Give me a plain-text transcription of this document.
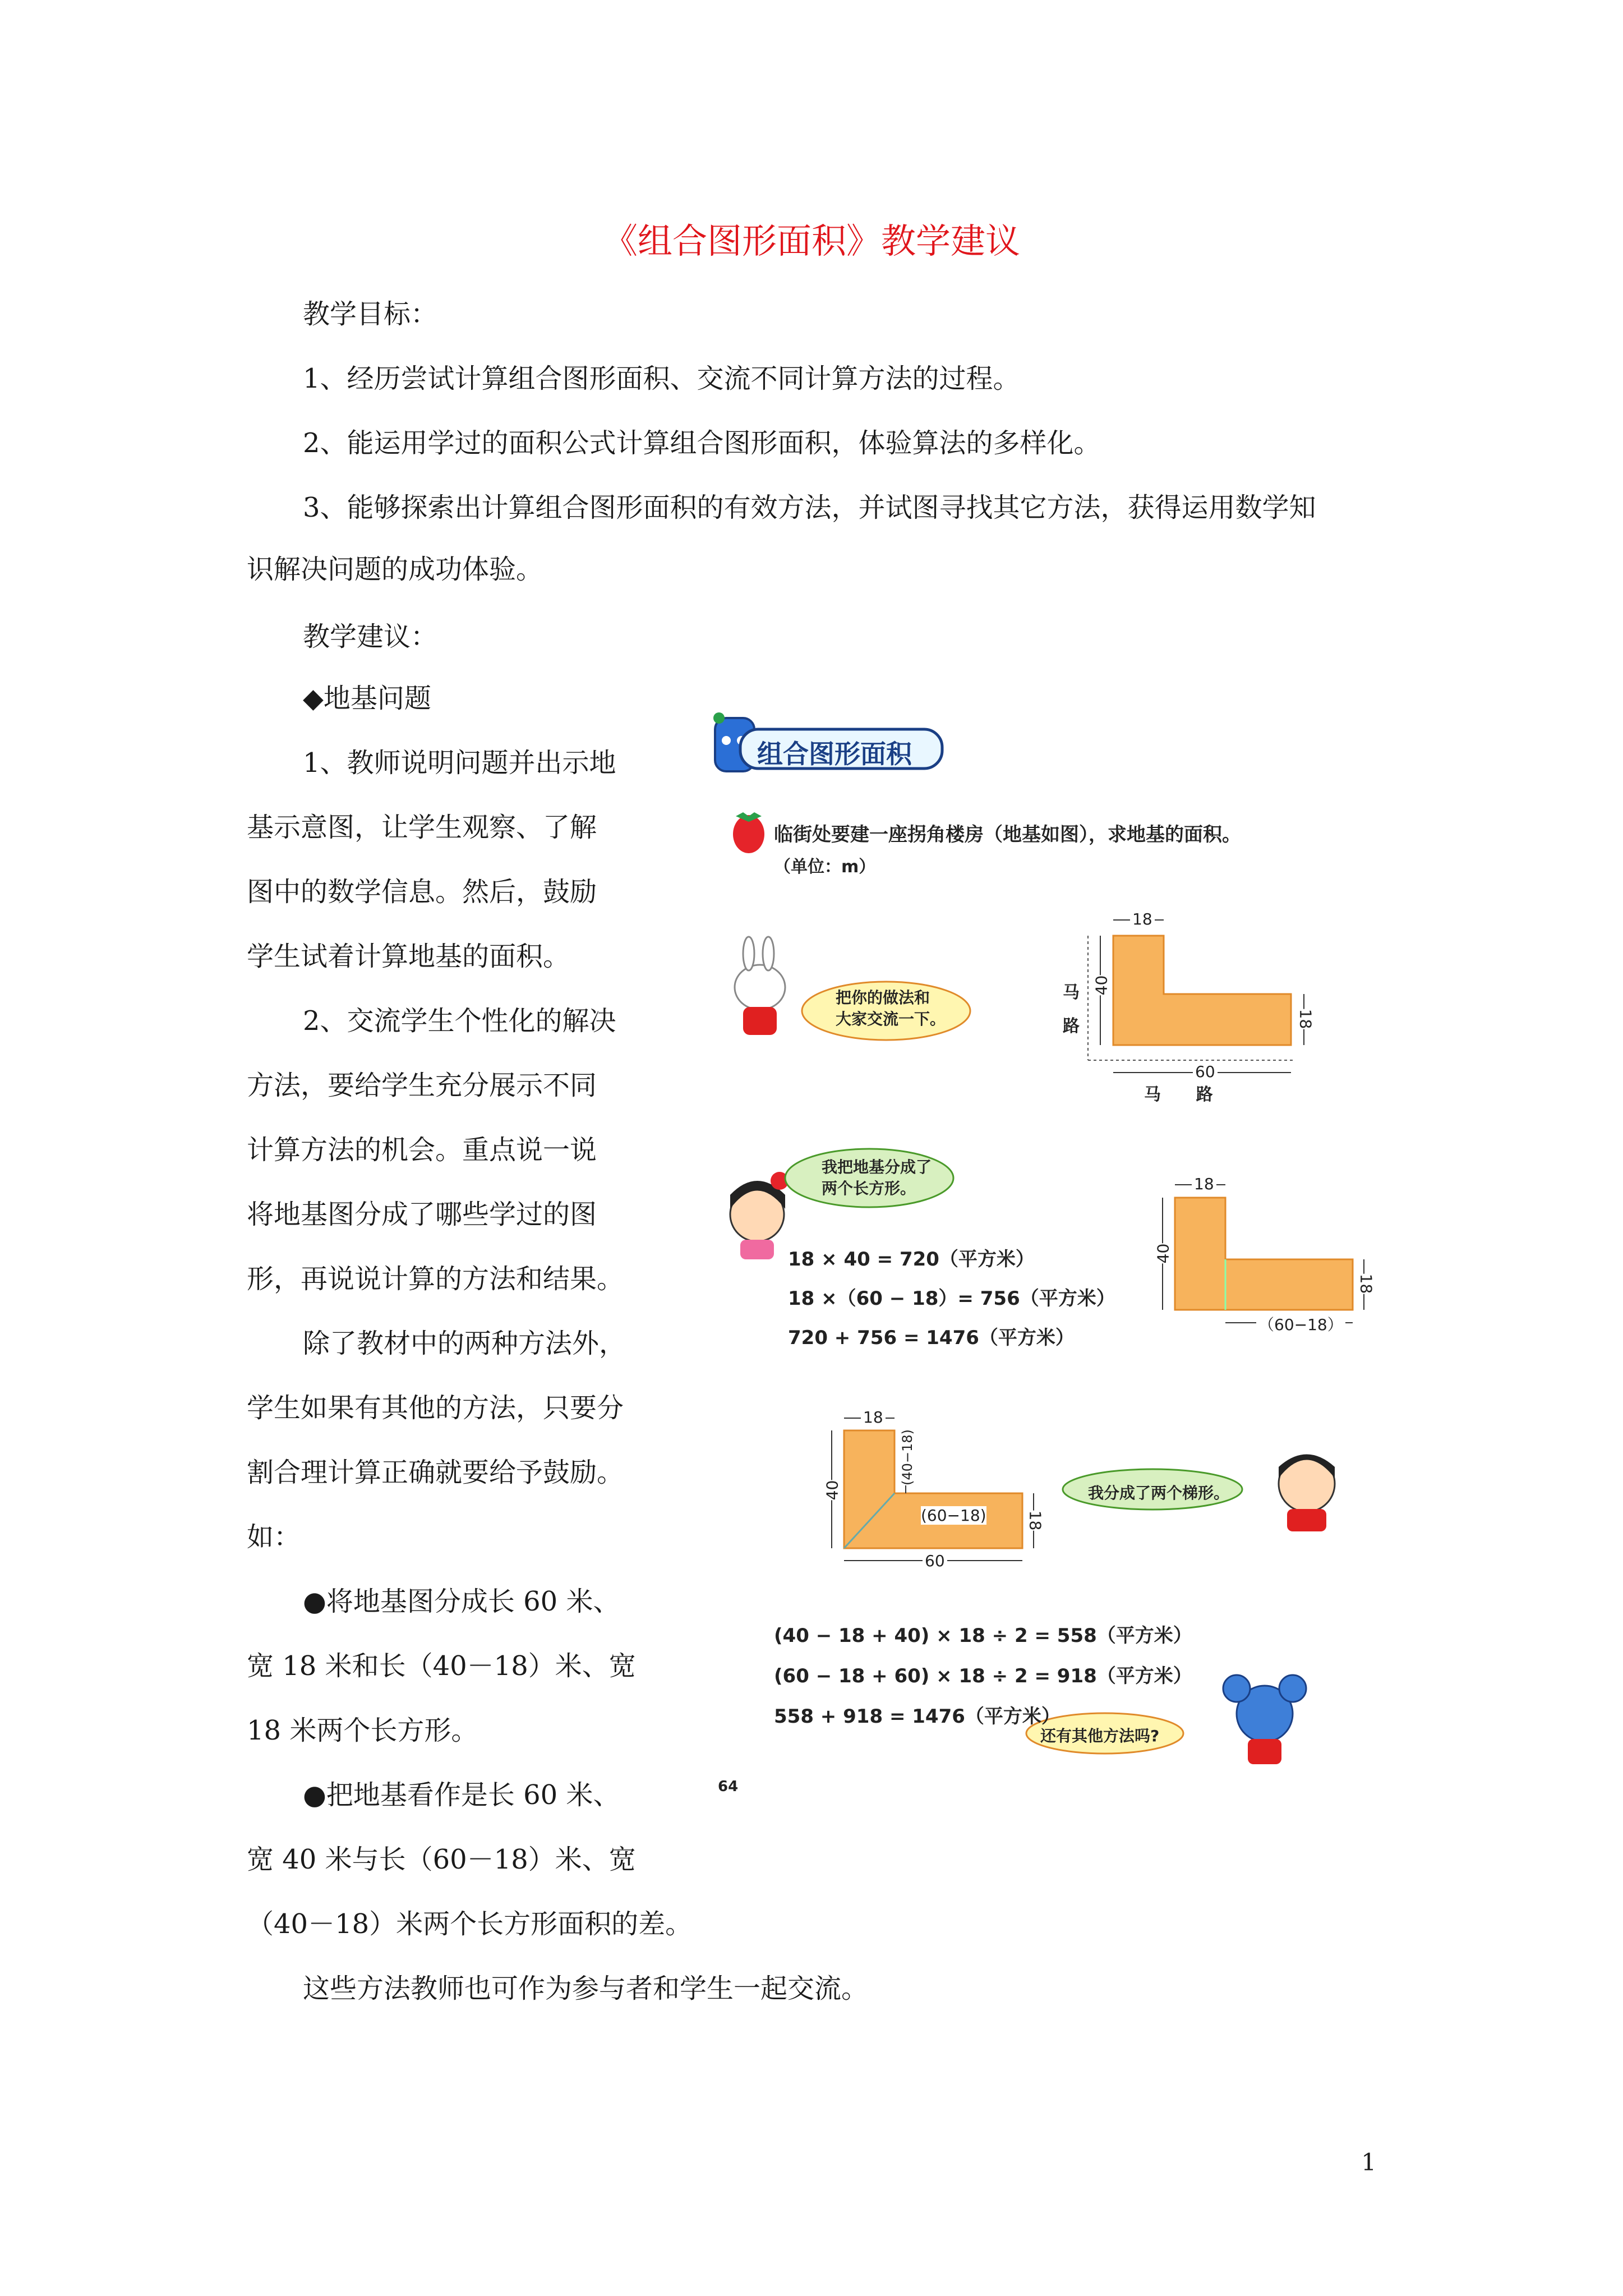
《组合图形面积》教学建议
教学目标：
1、经历尝试计算组合图形面积、交流不同计算方法的过程。
2、能运用学过的面积公式计算组合图形面积，体验算法的多样化。
3、能够探索出计算组合图形面积的有效方法，并试图寻找其它方法，获得运用数学知
识解决问题的成功体验。
教学建议：
◆地基问题
1、教师说明问题并出示地
基示意图，让学生观察、了解
图中的数学信息。然后，鼓励
学生试着计算地基的面积。
2、交流学生个性化的解决
方法，要给学生充分展示不同
计算方法的机会。重点说一说
将地基图分成了哪些学过的图
形，再说说计算的方法和结果。
除了教材中的两种方法外，
学生如果有其他的方法，只要分
割合理计算正确就要给予鼓励。
如：
●将地基图分成长 60 米、
宽 18 米和长（40－18）米、宽
18 米两个长方形。
●把地基看作是长 60 米、
宽 40 米与长（60－18）米、宽
（40－18）米两个长方形面积的差。
这些方法教师也可作为参与者和学生一起交流。
1
组合图形面积
临街处要建一座拐角楼房（地基如图），求地基的面积。
（单位：m）
把你的做法和
大家交流一下。
马
路
马      路
18
40
18
60
我把地基分成了
两个长方形。	18
40
18
（60−18）
18 × 40 = 720（平方米）
18 ×（60 − 18）= 756（平方米）
720 + 756 = 1476（平方米）
18
40
(40−18)
(60−18)	18
60
我分成了两个梯形。
(40 − 18 + 40) × 18 ÷ 2 = 558（平方米）
(60 − 18 + 60) × 18 ÷ 2 = 918（平方米）
558 + 918 = 1476（平方米）
还有其他方法吗?
64
